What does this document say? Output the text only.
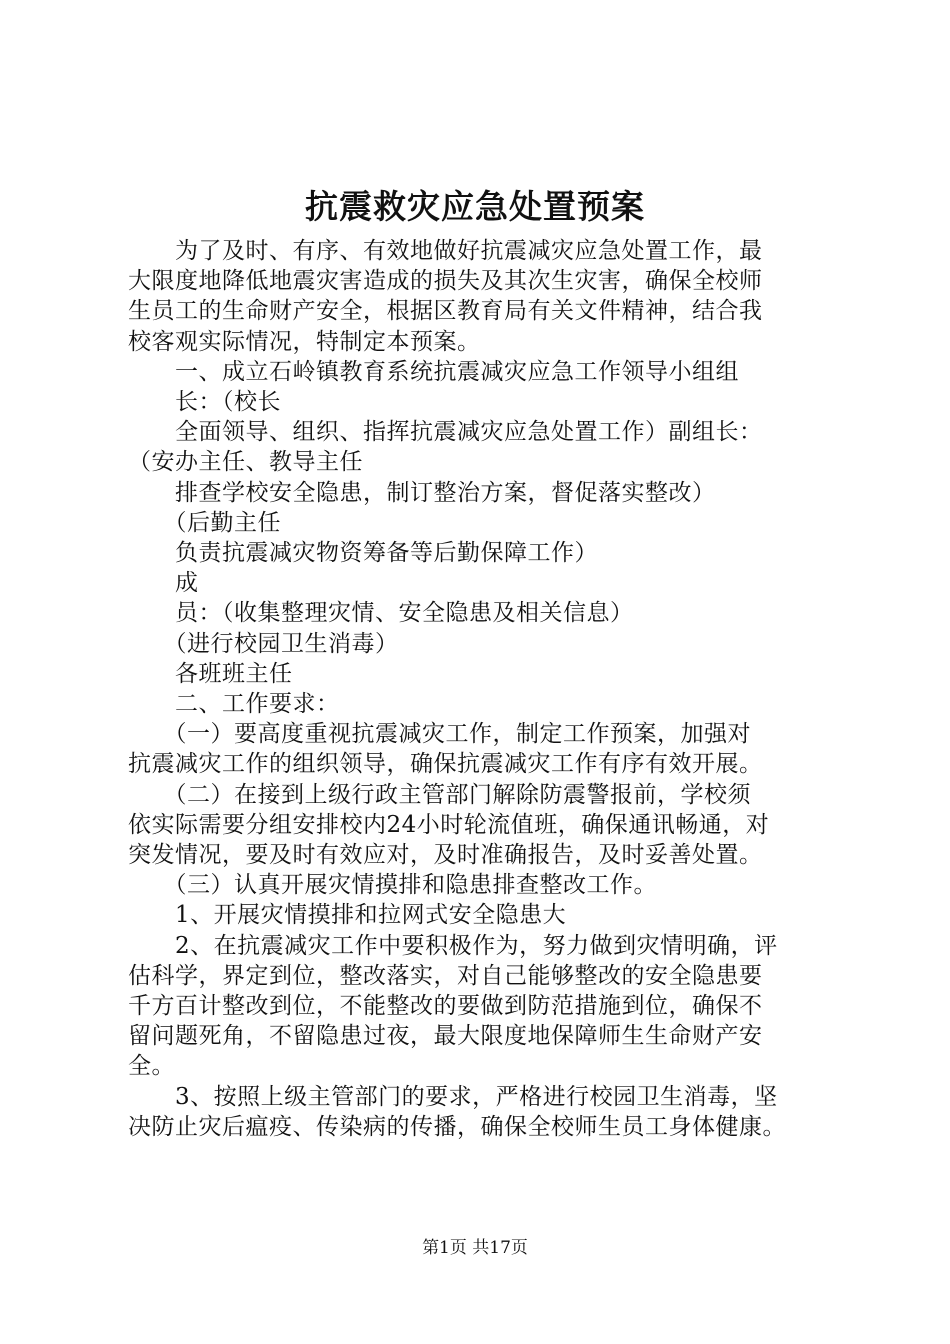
抗震救灾应急处置预案

　　为了及时、有序、有效地做好抗震减灾应急处置工作，最

大限度地降低地震灾害造成的损失及其次生灾害，确保全校师

生员工的生命财产安全，根据区教育局有关文件精神，结合我

校客观实际情况，特制定本预案。

　　一、成立石岭镇教育系统抗震减灾应急工作领导小组组

　　长：（校长

　　全面领导、组织、指挥抗震减灾应急处置工作）副组长：

（安办主任、教导主任

　　排查学校安全隐患，制订整治方案，督促落实整改）

　　（后勤主任

　　负责抗震减灾物资筹备等后勤保障工作）

　　成

　　员：（收集整理灾情、安全隐患及相关信息）

　　（进行校园卫生消毒）

　　各班班主任

　　二、工作要求：

　　（一）要高度重视抗震减灾工作，制定工作预案，加强对

抗震减灾工作的组织领导，确保抗震减灾工作有序有效开展。

　　（二）在接到上级行政主管部门解除防震警报前，学校须

依实际需要分组安排校内24小时轮流值班，确保通讯畅通，对

突发情况，要及时有效应对，及时准确报告，及时妥善处置。

　　（三）认真开展灾情摸排和隐患排查整改工作。

　　1、开展灾情摸排和拉网式安全隐患大

　　2、在抗震减灾工作中要积极作为，努力做到灾情明确，评

估科学，界定到位，整改落实，对自己能够整改的安全隐患要

千方百计整改到位，不能整改的要做到防范措施到位，确保不

留问题死角，不留隐患过夜，最大限度地保障师生生命财产安

全。

　　3、按照上级主管部门的要求，严格进行校园卫生消毒，坚

决防止灾后瘟疫、传染病的传播，确保全校师生员工身体健康。

第1页 共17页
